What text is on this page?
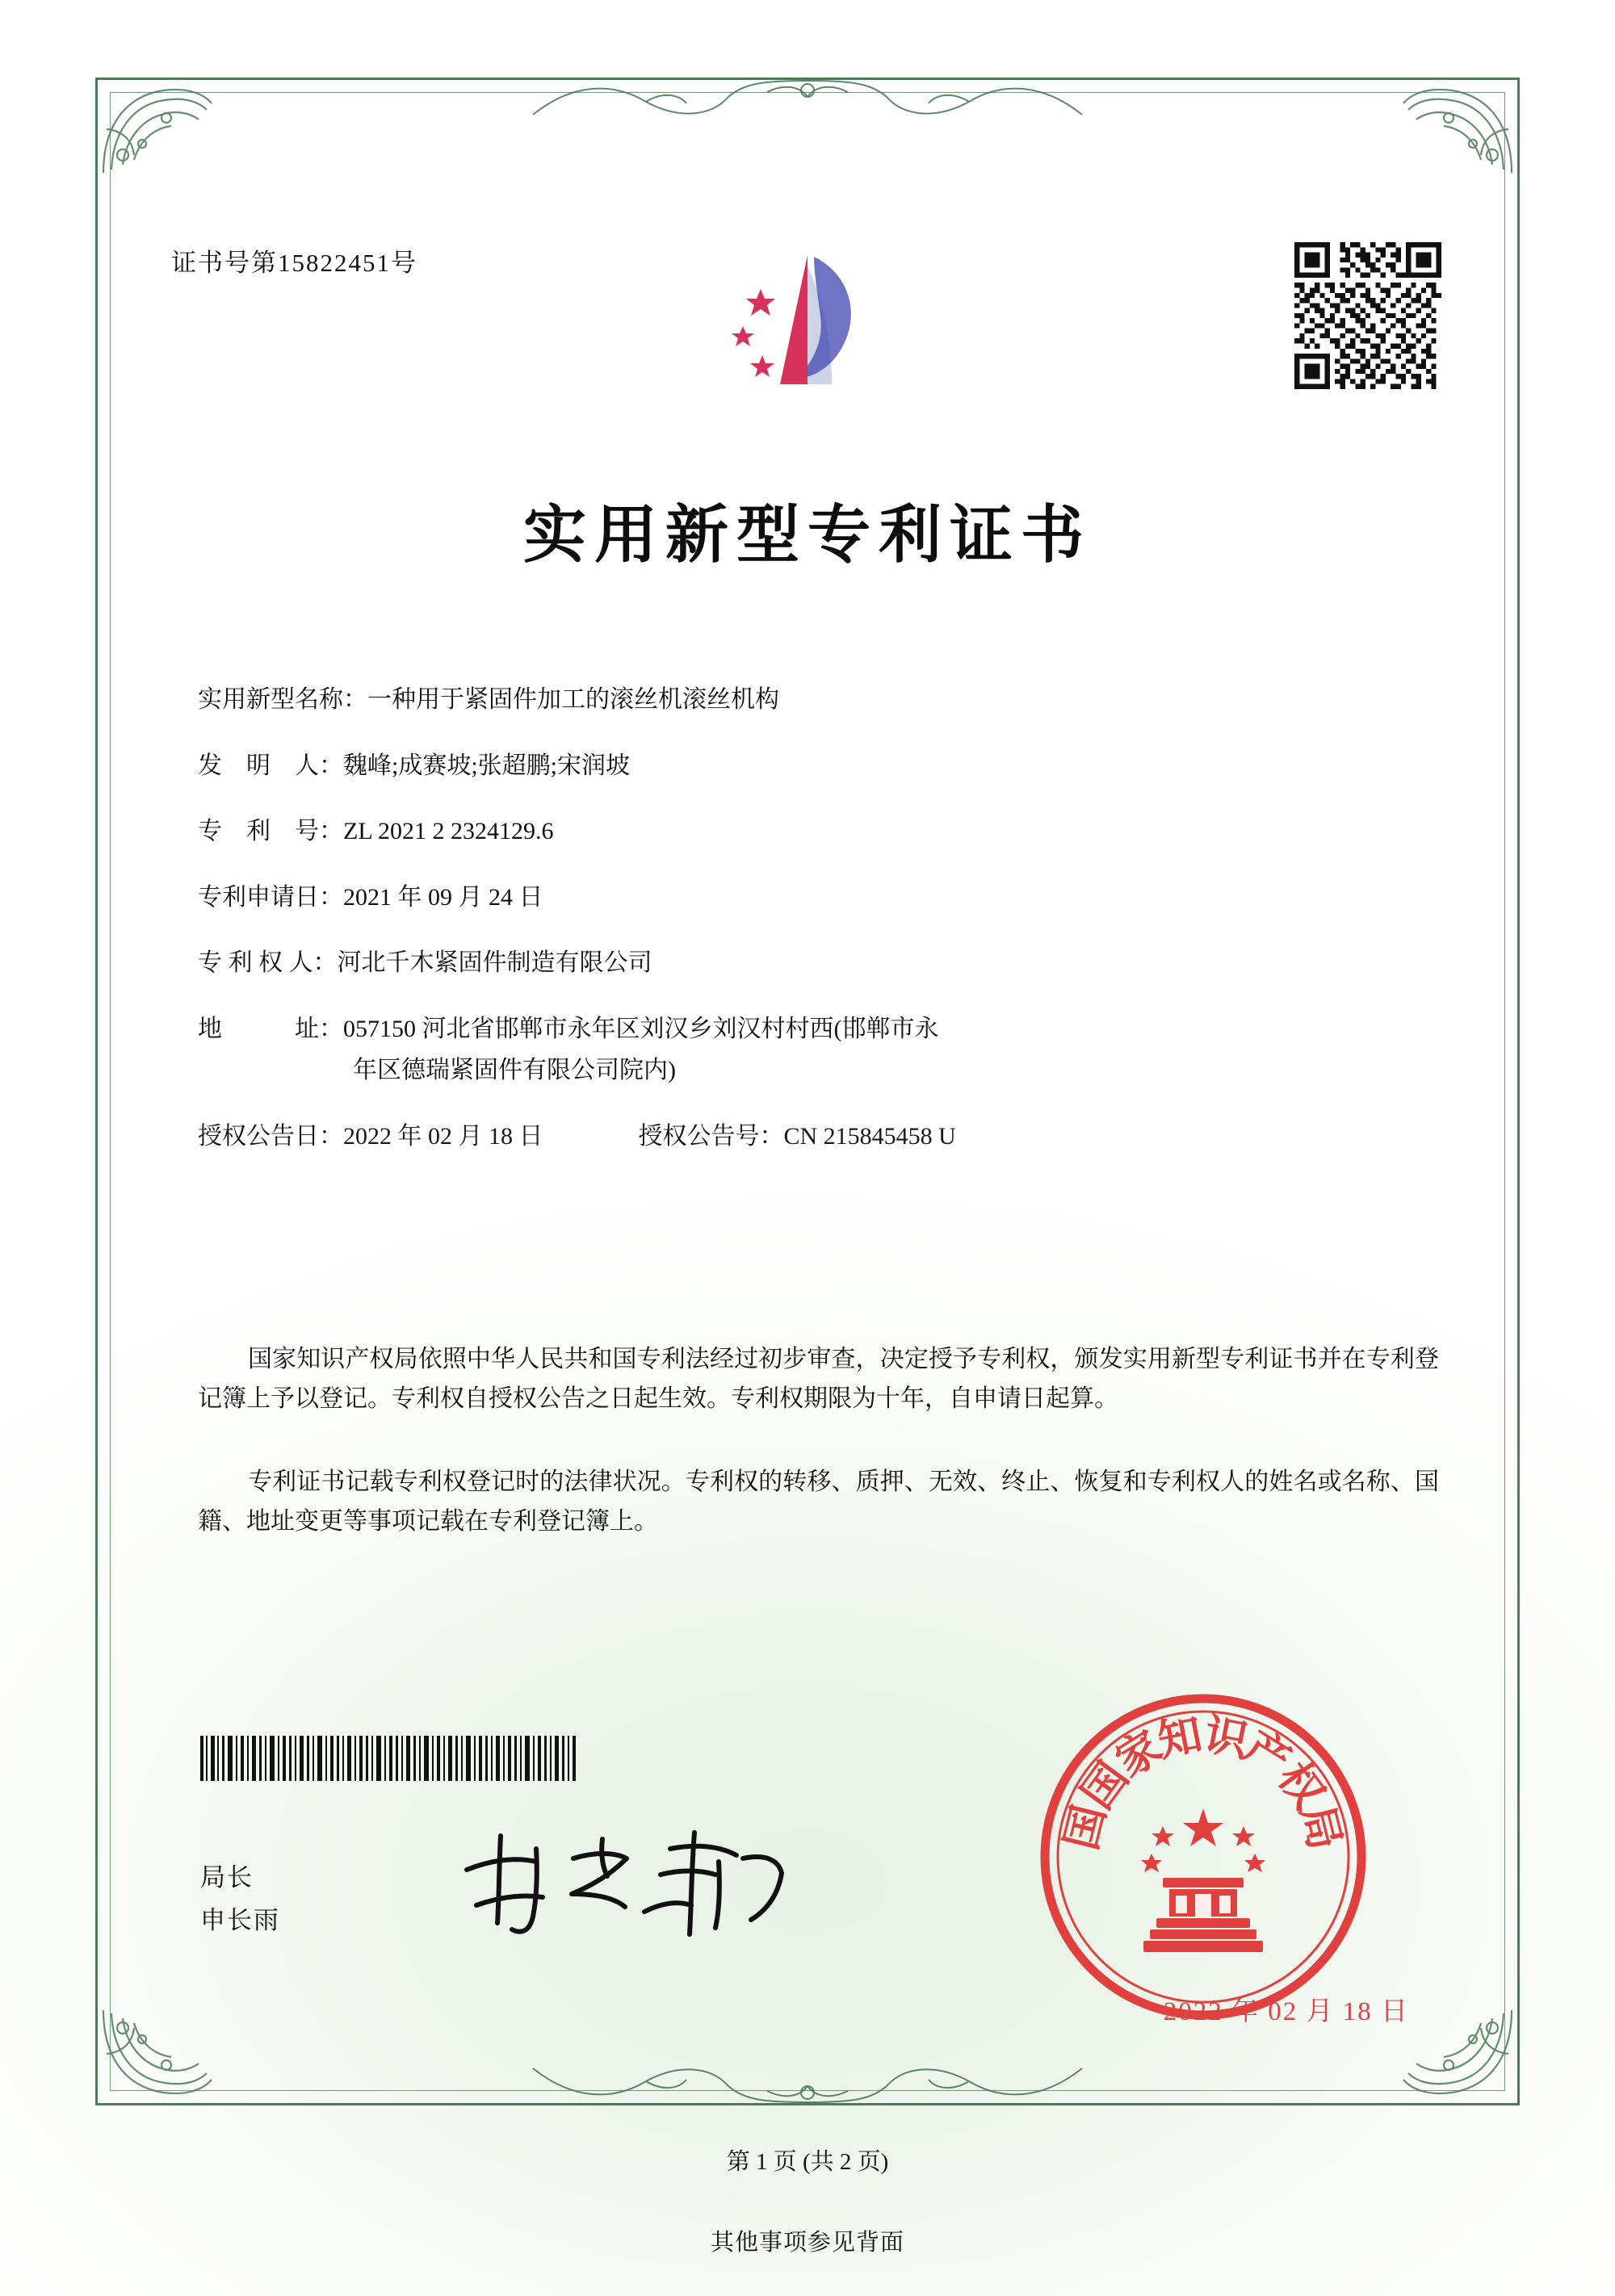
证书号第15822451号
实用新型专利证书
实用新型名称： 一种用于紧固件加工的滚丝机滚丝机构
发　明　人： 魏峰;成赛坡;张超鹏;宋润坡
专　利　号： ZL 2021 2 2324129.6
专利申请日： 2021 年 09 月 24 日
专 利 权 人： 河北千木紧固件制造有限公司
地　　　址： 057150 河北省邯郸市永年区刘汉乡刘汉村村西(邯郸市永
年区德瑞紧固件有限公司院内)
授权公告日： 2022 年 02 月 18 日	授权公告号： CN 215845458 U
国家知识产权局依照中华人民共和国专利法经过初步审查，决定授予专利权，颁发实用新型专利证书并在专利登记簿上予以登记。专利权自授权公告之日起生效。专利权期限为十年，自申请日起算。
专利证书记载专利权登记时的法律状况。专利权的转移、质押、无效、终止、恢复和专利权人的姓名或名称、国籍、地址变更等事项记载在专利登记簿上。
局长
申长雨
国
家
知
识
产
权
局
国
2022 年 02 月 18 日
第 1 页 (共 2 页)
其他事项参见背面
